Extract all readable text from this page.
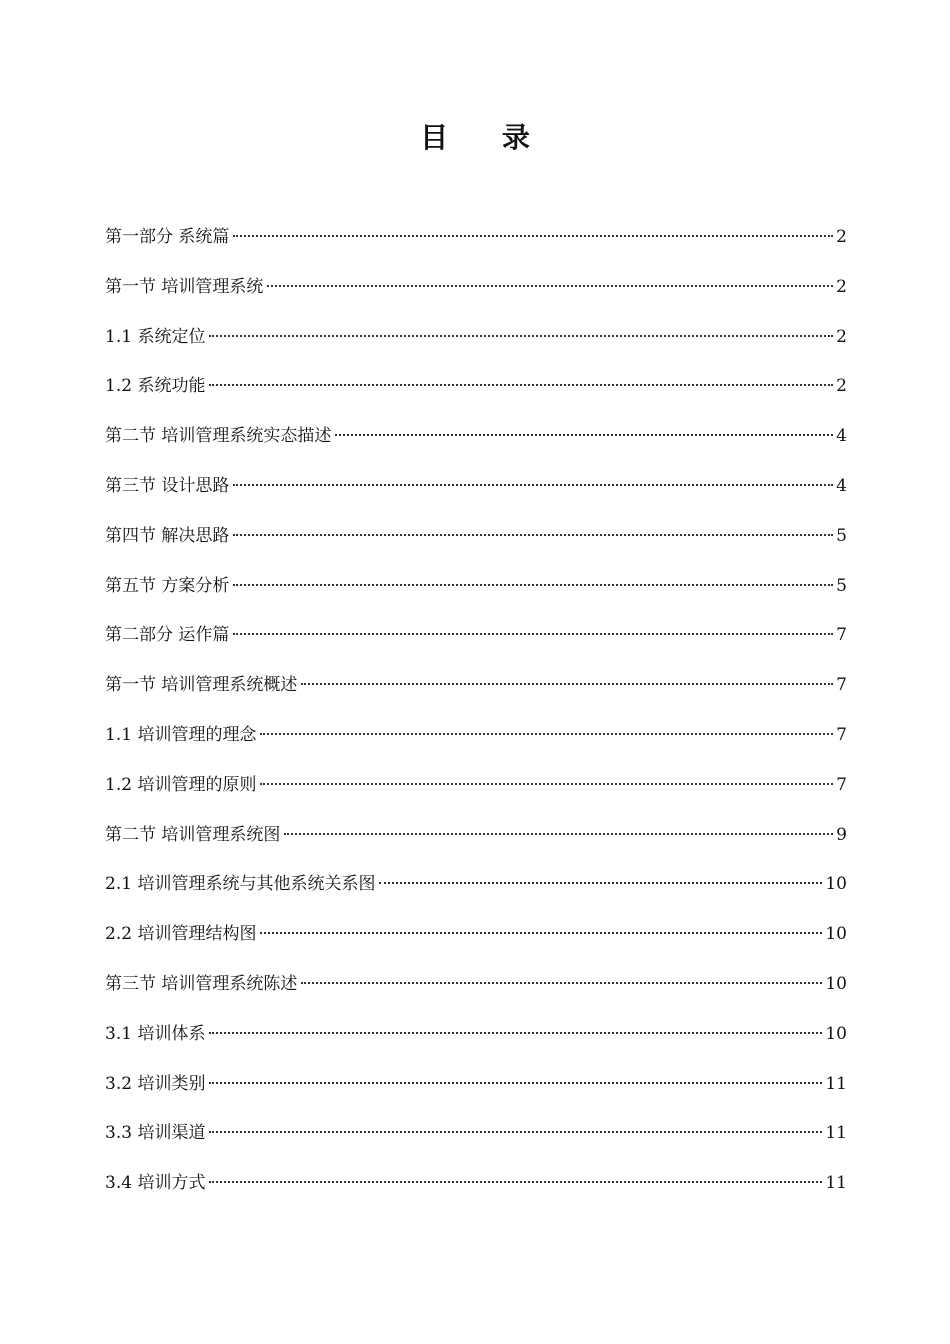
目 录
第一部分 系统篇	2
第一节 培训管理系统	2
1.1 系统定位	2
1.2 系统功能	2
第二节 培训管理系统实态描述	4
第三节 设计思路	4
第四节 解决思路	5
第五节 方案分析	5
第二部分 运作篇	7
第一节 培训管理系统概述	7
1.1 培训管理的理念	7
1.2 培训管理的原则	7
第二节 培训管理系统图	9
2.1 培训管理系统与其他系统关系图	10
2.2 培训管理结构图	10
第三节 培训管理系统陈述	10
3.1 培训体系	10
3.2 培训类别	11
3.3 培训渠道	11
3.4 培训方式	11
